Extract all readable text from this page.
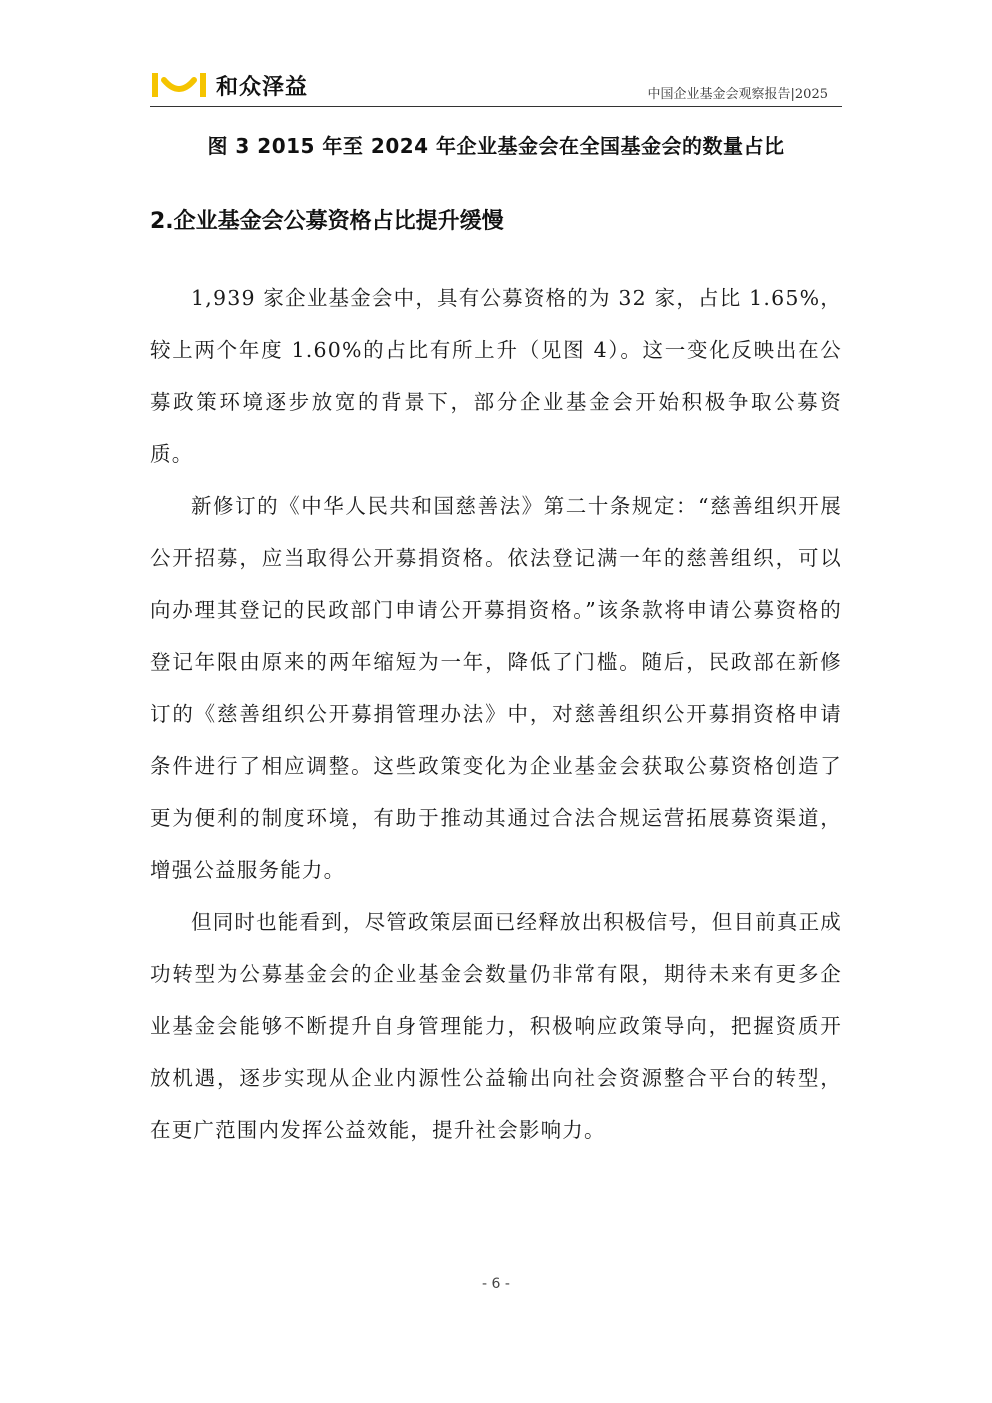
和众泽益	中国企业基金会观察报告|2025
图 3 2015 年至 2024 年企业基金会在全国基金会的数量占比
2.企业基金会公募资格占比提升缓慢

1,939 家企业基金会中，具有公募资格的为 32 家，占比 1.65%，较上两个年度 1.60%的占比有所上升（见图 4）。这一变化反映出在公募政策环境逐步放宽的背景下，部分企业基金会开始积极争取公募资质。

新修订的《中华人民共和国慈善法》第二十条规定：“慈善组织开展公开招募，应当取得公开募捐资格。依法登记满一年的慈善组织，可以向办理其登记的民政部门申请公开募捐资格。”该条款将申请公募资格的登记年限由原来的两年缩短为一年，降低了门槛。随后，民政部在新修订的《慈善组织公开募捐管理办法》中，对慈善组织公开募捐资格申请条件进行了相应调整。这些政策变化为企业基金会获取公募资格创造了更为便利的制度环境，有助于推动其通过合法合规运营拓展募资渠道，增强公益服务能力。

但同时也能看到，尽管政策层面已经释放出积极信号，但目前真正成功转型为公募基金会的企业基金会数量仍非常有限，期待未来有更多企业基金会能够不断提升自身管理能力，积极响应政策导向，把握资质开放机遇，逐步实现从企业内源性公益输出向社会资源整合平台的转型，在更广范围内发挥公益效能，提升社会影响力。

- 6 -
